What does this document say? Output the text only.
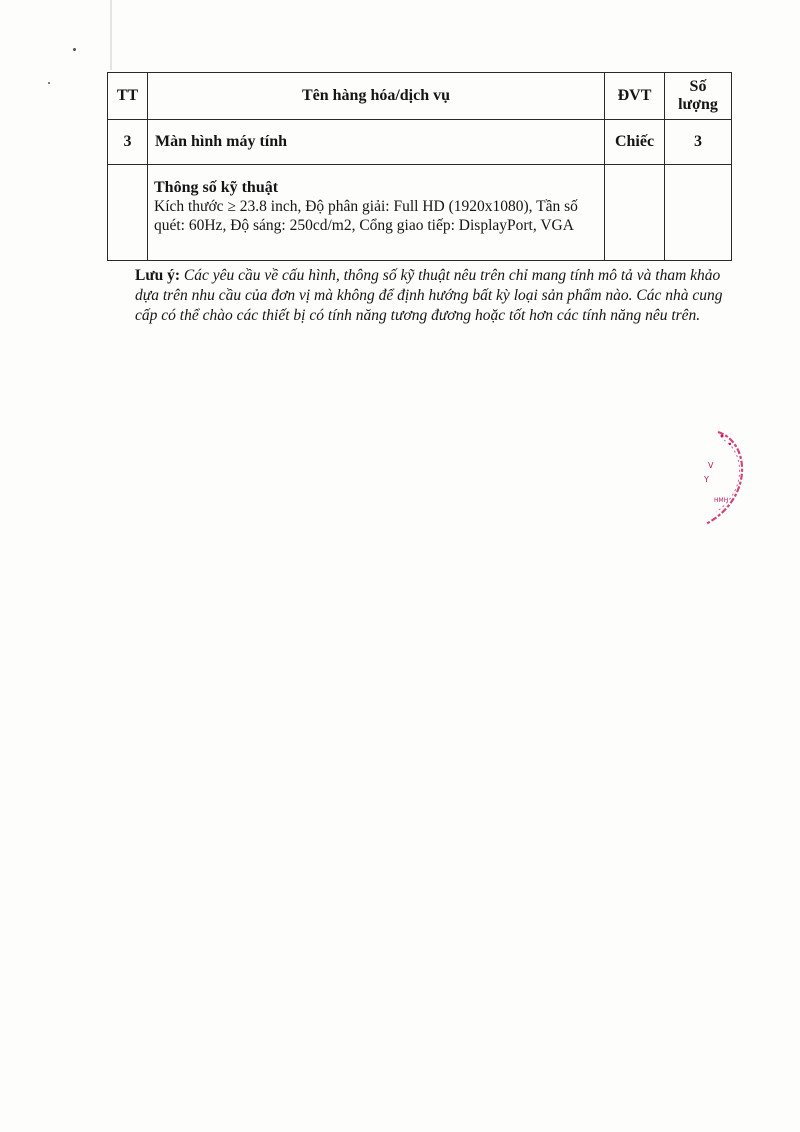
TT	Tên hàng hóa/dịch vụ	ĐVT	Số
lượng
3	Màn hình máy tính	Chiếc	3

	Thông số kỹ thuật
Kích thước ≥ 23.8 inch, Độ phân giải: Full HD (1920x1080), Tần số quét: 60Hz, Độ sáng: 250cd/m2, Cổng giao tiếp: DisplayPort, VGA		

Lưu ý: Các yêu cầu về cấu hình, thông số kỹ thuật nêu trên chỉ mang tính mô tả và tham khảo dựa trên nhu cầu của đơn vị mà không để định hướng bất kỳ loại sản phẩm nào. Các nhà cung cấp có thể chào các thiết bị có tính năng tương đương hoặc tốt hơn các tính năng nêu trên.
V
Y
HMH
